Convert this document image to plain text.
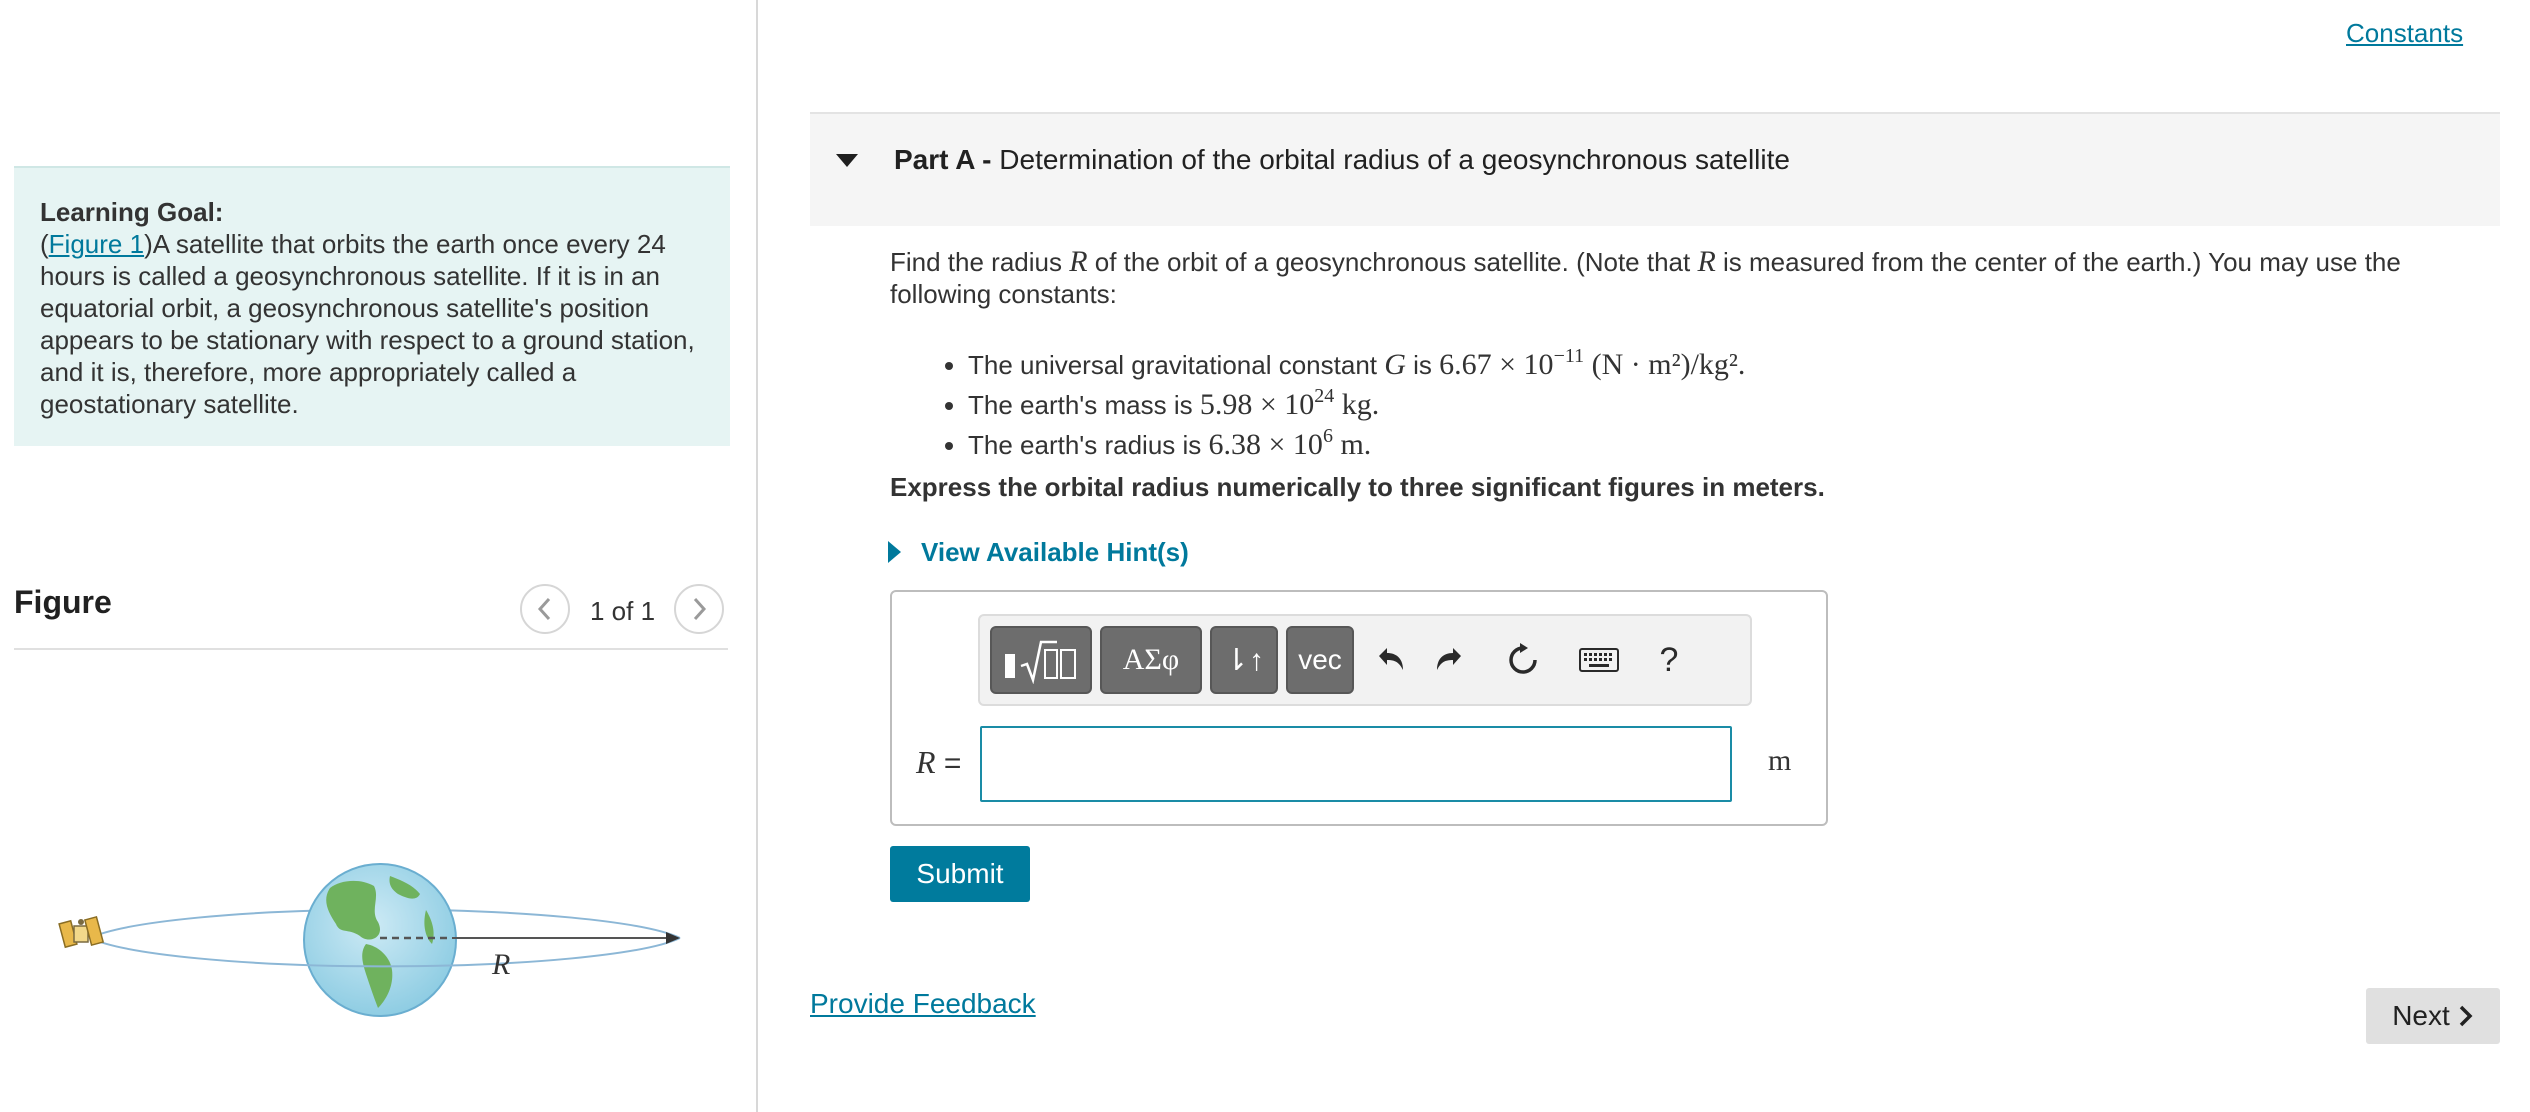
Learning Goal:
(Figure 1)A satellite that orbits the earth once every 24 hours is called a geosynchronous satellite. If it is in an equatorial orbit, a geosynchronous satellite's position appears to be stationary with respect to a ground station, and it is, therefore, more appropriately called a geostationary satellite.
Figure	1 of 1
R
Constants
Part A - Determination of the orbital radius of a geosynchronous satellite
Find the radius R of the orbit of a geosynchronous satellite. (Note that R is measured from the center of the earth.) You may use the following constants:
• The universal gravitational constant G is $6.67 \times 10^{-11}$ (N · m²)/kg².
• The earth's mass is $5.98 \times 10^{24}$ kg.
• The earth's radius is $6.38 \times 10^6$ m.
Express the orbital radius numerically to three significant figures in meters.
View Available Hint(s)
ΑΣφ ⇂↑ vec	?
R =	m
Submit
Provide Feedback	Next
